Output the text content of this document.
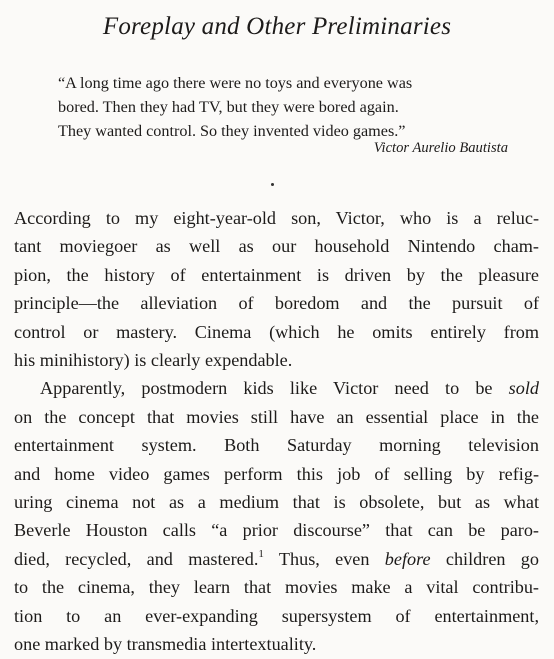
Foreplay and Other Preliminaries
“A long time ago there were no toys and everyone was
bored. Then they had TV, but they were bored again.
They wanted control. So they invented video games.”
Victor Aurelio Bautista
According to my eight-year-old son, Victor, who is a reluc-
tant moviegoer as well as our household Nintendo cham-
pion, the history of entertainment is driven by the pleasure
principle—the alleviation of boredom and the pursuit of
control or mastery. Cinema (which he omits entirely from
his minihistory) is clearly expendable.
Apparently, postmodern kids like Victor need to be sold
on the concept that movies still have an essential place in the
entertainment system. Both Saturday morning television
and home video games perform this job of selling by refig-
uring cinema not as a medium that is obsolete, but as what
Beverle Houston calls “a prior discourse” that can be paro-
died, recycled, and mastered.$^1$ Thus, even before children go
to the cinema, they learn that movies make a vital contribu-
tion to an ever-expanding supersystem of entertainment,
one marked by transmedia intertextuality.
